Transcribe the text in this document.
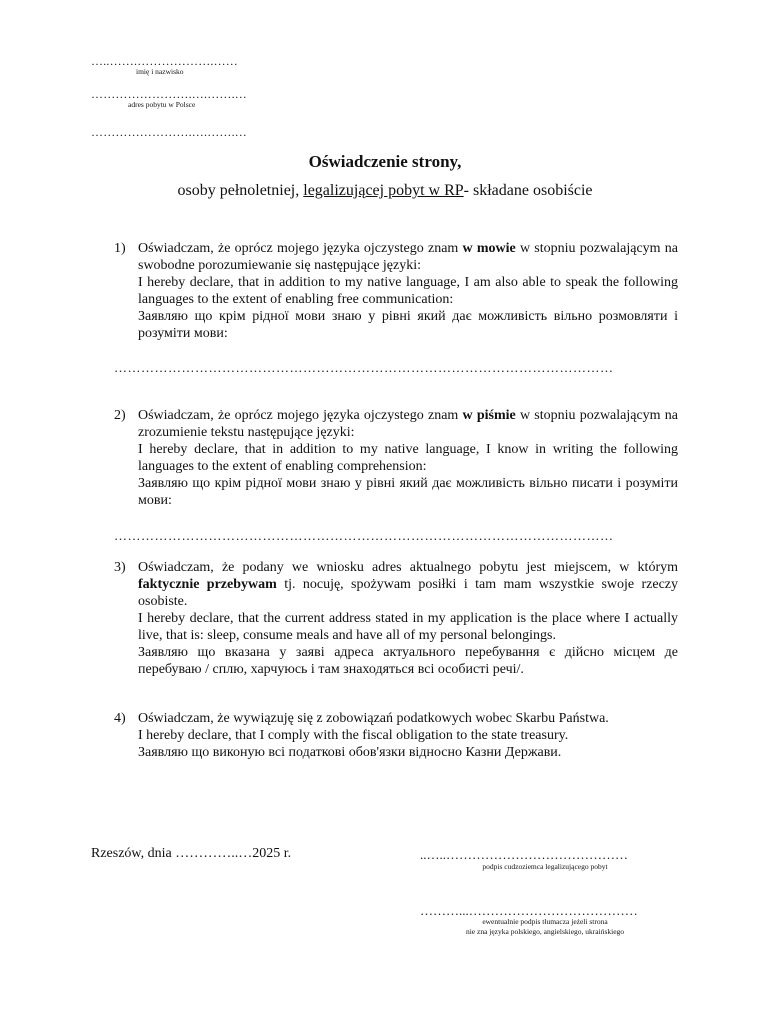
…..…….……………….……
imię i nazwisko
…………………….….…….…
adres pobytu w Polsce
…………………….….…….…
Oświadczenie strony,
osoby pełnoletniej, legalizującej pobyt w RP- składane osobiście
1) Oświadczam, że oprócz mojego języka ojczystego znam w mowie w stopniu pozwalającym na swobodne porozumiewanie się następujące języki:

I hereby declare, that in addition to my native language, I am also able to speak the following languages to the extent of enabling free communication:

Заявляю що крім рідної мови знаю у рівні який дає можливість вільно розмовляти і розуміти мови:

…………………………………………………………………………………………………
2) Oświadczam, że oprócz mojego języka ojczystego znam w piśmie w stopniu pozwalającym na zrozumienie tekstu następujące języki:

I hereby declare, that in addition to my native language, I know in writing the following languages to the extent of enabling comprehension:

Заявляю що крім рідної мови знаю у рівні який дає можливість вільно писати і розуміти мови:

…………………………………………………………………………………………………
3) Oświadczam, że podany we wniosku adres aktualnego pobytu jest miejscem, w którym faktycznie przebywam tj. nocuję, spożywam posiłki i tam mam wszystkie swoje rzeczy osobiste.

I hereby declare, that the current address stated in my application is the place where I actually live, that is: sleep, consume meals and have all of my personal belongings.

Заявляю що вказана у заяві адреса актуального перебування є дійсно місцем де перебуваю / сплю, харчуюсь і там знаходяться всі особисті речі/.

4) Oświadczam, że wywiązuję się z zobowiązań podatkowych wobec Skarbu Państwa.

I hereby declare, that I comply with the fiscal obligation to the state treasury.

Заявляю що виконую всі податкові обов'язки відносно Казни Держави.

Rzeszów, dnia …………..…2025 r.	..…..……………………………………
podpis cudzoziemca legalizującego pobyt
………...…………………………………
ewentualnie podpis tłumacza jeżeli strona
nie zna języka polskiego, angielskiego, ukraińskiego
